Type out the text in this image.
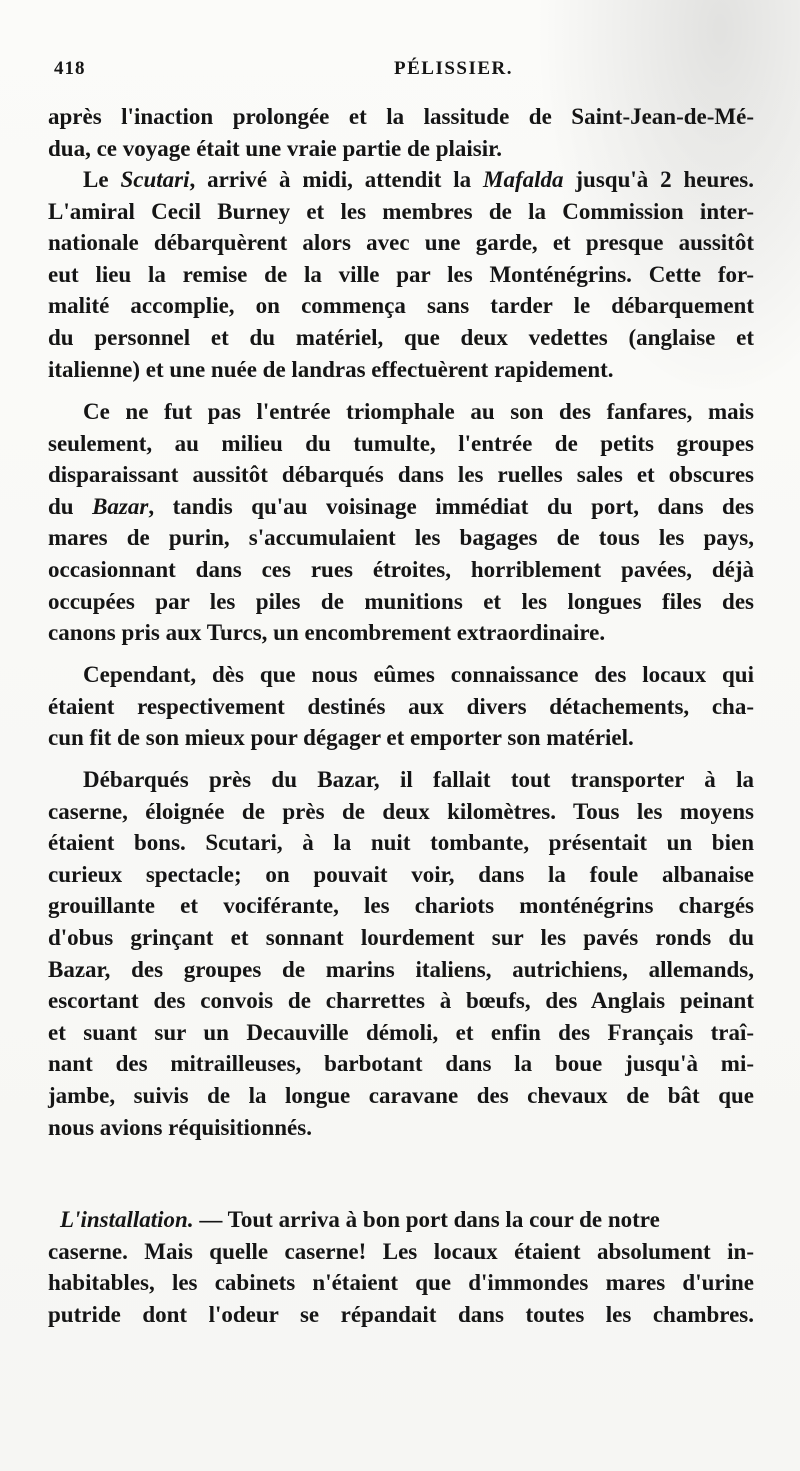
418	PÉLISSIER.

après l'inaction prolongée et la lassitude de Saint-Jean-de-Mé-
dua, ce voyage était une vraie partie de plaisir.

Le Scutari, arrivé à midi, attendit la Mafalda jusqu'à 2 heures.
L'amiral Cecil Burney et les membres de la Commission inter-
nationale débarquèrent alors avec une garde, et presque aussitôt
eut lieu la remise de la ville par les Monténégrins. Cette for-
malité accomplie, on commença sans tarder le débarquement
du personnel et du matériel, que deux vedettes (anglaise et
italienne) et une nuée de landras effectuèrent rapidement.

Ce ne fut pas l'entrée triomphale au son des fanfares, mais
seulement, au milieu du tumulte, l'entrée de petits groupes
disparaissant aussitôt débarqués dans les ruelles sales et obscures
du Bazar, tandis qu'au voisinage immédiat du port, dans des
mares de purin, s'accumulaient les bagages de tous les pays,
occasionnant dans ces rues étroites, horriblement pavées, déjà
occupées par les piles de munitions et les longues files des
canons pris aux Turcs, un encombrement extraordinaire.

Cependant, dès que nous eûmes connaissance des locaux qui
étaient respectivement destinés aux divers détachements, cha-
cun fit de son mieux pour dégager et emporter son matériel.

Débarqués près du Bazar, il fallait tout transporter à la
caserne, éloignée de près de deux kilomètres. Tous les moyens
étaient bons. Scutari, à la nuit tombante, présentait un bien
curieux spectacle; on pouvait voir, dans la foule albanaise
grouillante et vociférante, les chariots monténégrins chargés
d'obus grinçant et sonnant lourdement sur les pavés ronds du
Bazar, des groupes de marins italiens, autrichiens, allemands,
escortant des convois de charrettes à bœufs, des Anglais peinant
et suant sur un Decauville démoli, et enfin des Français traî-
nant des mitrailleuses, barbotant dans la boue jusqu'à mi-
jambe, suivis de la longue caravane des chevaux de bât que
nous avions réquisitionnés.

L'installation. — Tout arriva à bon port dans la cour de notre
caserne. Mais quelle caserne! Les locaux étaient absolument in-
habitables, les cabinets n'étaient que d'immondes mares d'urine
putride dont l'odeur se répandait dans toutes les chambres.
